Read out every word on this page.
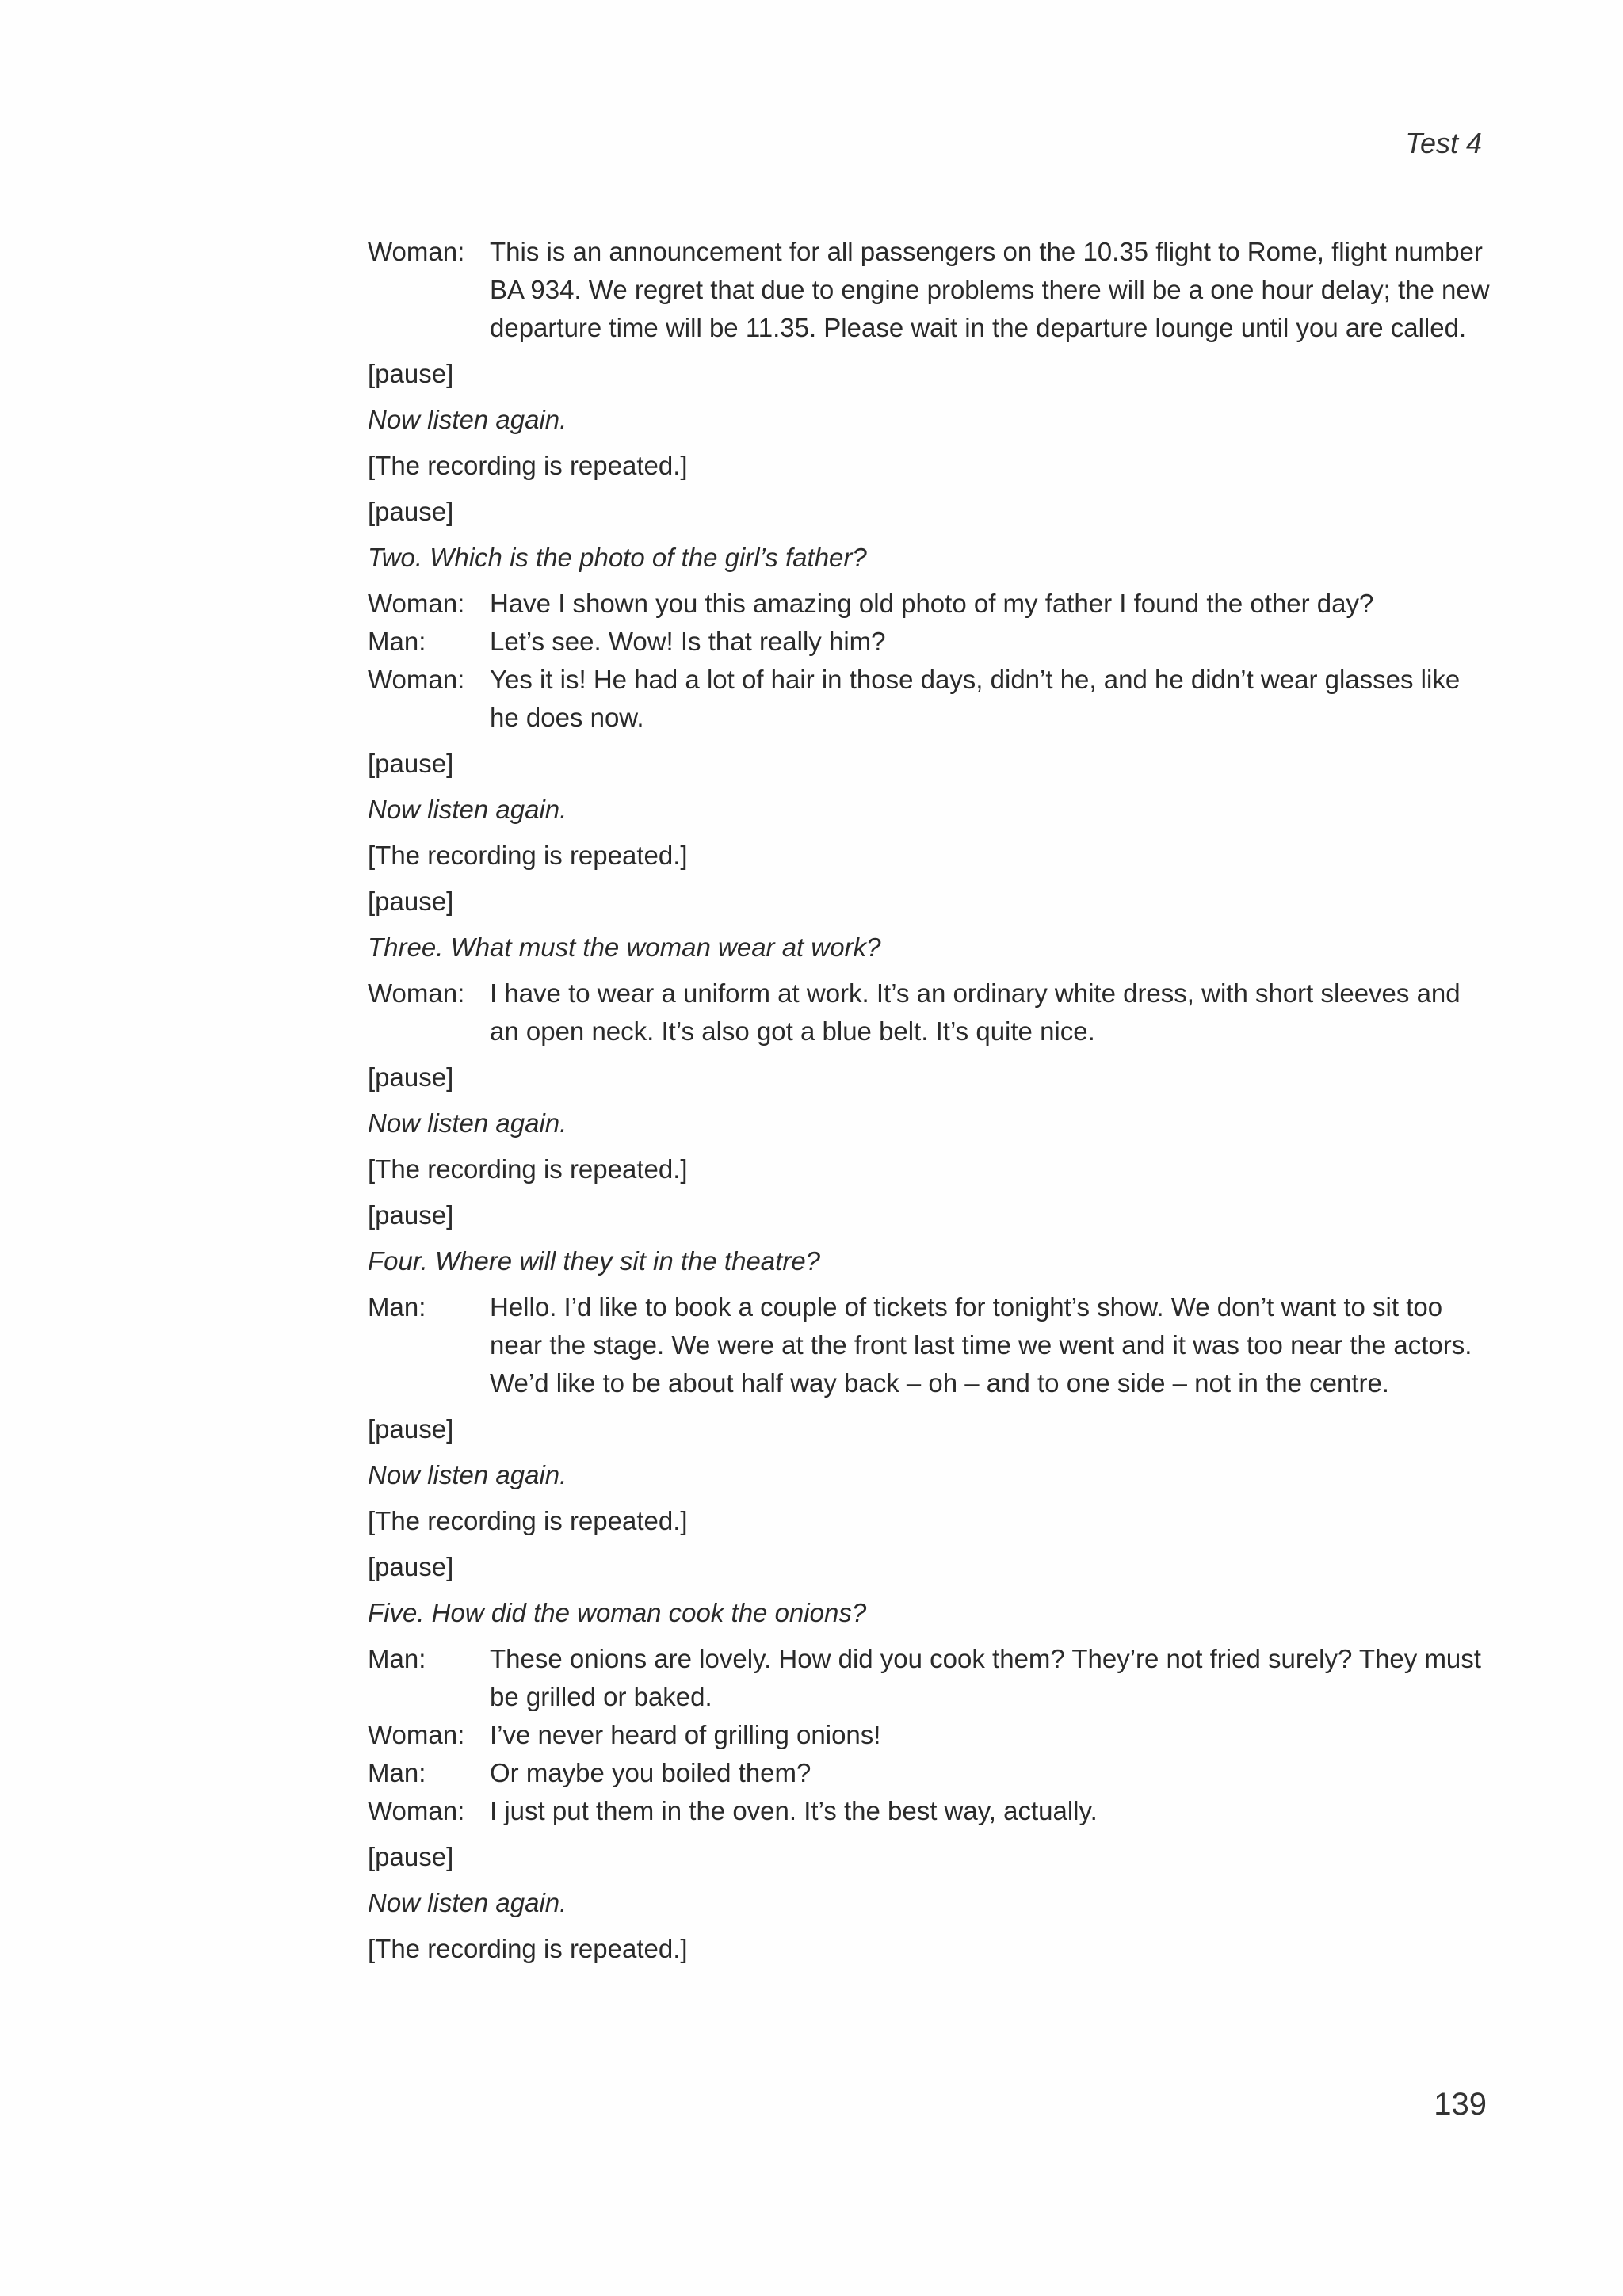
Test 4
Woman: This is an announcement for all passengers on the 10.35 flight to Rome, flight number BA 934. We regret that due to engine problems there will be a one hour delay; the new departure time will be 11.35. Please wait in the departure lounge until you are called.
[pause]
Now listen again.
[The recording is repeated.]
[pause]
Two. Which is the photo of the girl’s father?
Woman: Have I shown you this amazing old photo of my father I found the other day?
Man:	Let’s see. Wow! Is that really him?
Woman: Yes it is! He had a lot of hair in those days, didn’t he, and he didn’t wear glasses like he does now.
[pause]
Now listen again.
[The recording is repeated.]
[pause]
Three. What must the woman wear at work?
Woman: I have to wear a uniform at work. It’s an ordinary white dress, with short sleeves and an open neck. It’s also got a blue belt. It’s quite nice.
[pause]
Now listen again.
[The recording is repeated.]
[pause]
Four. Where will they sit in the theatre?
Man:	Hello. I’d like to book a couple of tickets for tonight’s show. We don’t want to sit too near the stage. We were at the front last time we went and it was too near the actors. We’d like to be about half way back – oh – and to one side – not in the centre.
[pause]
Now listen again.
[The recording is repeated.]
[pause]
Five. How did the woman cook the onions?
Man:	These onions are lovely. How did you cook them? They’re not fried surely? They must be grilled or baked.
Woman: I’ve never heard of grilling onions!
Man:	Or maybe you boiled them?
Woman: I just put them in the oven. It’s the best way, actually.
[pause]
Now listen again.
[The recording is repeated.]
139
